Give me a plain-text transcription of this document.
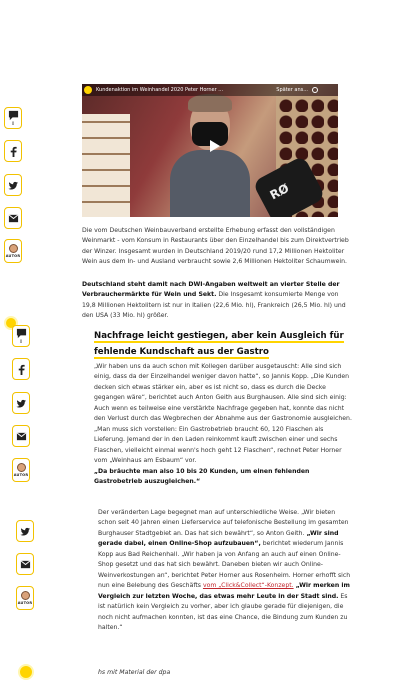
0
AUTOR
0
AUTOR
AUTOR
RØ
Kundenaktion im Weinhandel 2020 Peter Horner ...	Später ans...

Die vom Deutschen Weinbauverband erstellte Erhebung erfasst den vollständigen Weinmarkt - vom Konsum in Restaurants über den Einzelhandel bis zum Direktvertrieb der Winzer. Insgesamt wurden in Deutschland 2019/20 rund 17,2 Millionen Hektoliter Wein aus dem In- und Ausland verbraucht sowie 2,6 Millionen Hektoliter Schaumwein.

Deutschland steht damit nach DWI-Angaben weltweit an vierter Stelle der Verbrauchermärkte für Wein und Sekt. Die Insgesamt konsumierte Menge von 19,8 Millionen Hektolitern ist nur in Italien (22,6 Mio. hl), Frankreich (26,5 Mio. hl) und den USA (33 Mio. hl) größer.

Nachfrage leicht gestiegen, aber kein Ausgleich für fehlende Kundschaft aus der Gastro

„Wir haben uns da auch schon mit Kollegen darüber ausgetauscht: Alle sind sich einig, dass da der Einzelhandel weniger davon hatte“, so Jannis Kopp. „Die Kunden decken sich etwas stärker ein, aber es ist nicht so, dass es durch die Decke gegangen wäre“, berichtet auch Anton Geith aus Burghausen. Alle sind sich einig: Auch wenn es teilweise eine verstärkte Nachfrage gegeben hat, konnte das nicht den Verlust durch das Wegbrechen der Abnahme aus der Gastronomie ausgleichen. „Man muss sich vorstellen: Ein Gastrobetrieb braucht 60, 120 Flaschen als Lieferung. Jemand der in den Laden reinkommt kauft zwischen einer und sechs Flaschen, vielleicht einmal wenn's hoch geht 12 Flaschen“, rechnet Peter Horner vom „Weinhaus am Esbaum“ vor.
„Da bräuchte man also 10 bis 20 Kunden, um einen fehlenden Gastrobetrieb auszugleichen.“

Der veränderten Lage begegnet man auf unterschiedliche Weise. „Wir bieten schon seit 40 Jahren einen Lieferservice auf telefonische Bestellung im gesamten Burghauser Stadtgebiet an. Das hat sich bewährt“, so Anton Geith. „Wir sind gerade dabei, einen Online-Shop aufzubauen“, berichtet wiederum Jannis Kopp aus Bad Reichenhall. „Wir haben ja von Anfang an auch auf einen Online-Shop gesetzt und das hat sich bewährt. Daneben bieten wir auch Online-Weinverkostungen an“, berichtet Peter Horner aus Rosenheim. Horner erhofft sich nun eine Belebung des Geschäfts vom „Click&Collect“-Konzept. „Wir merken im Vergleich zur letzten Woche, das etwas mehr Leute in der Stadt sind. Es ist natürlich kein Vergleich zu vorher, aber ich glaube gerade für diejenigen, die noch nicht aufmachen konnten, ist das eine Chance, die Bindung zum Kunden zu halten.“

hs mit Material der dpa
